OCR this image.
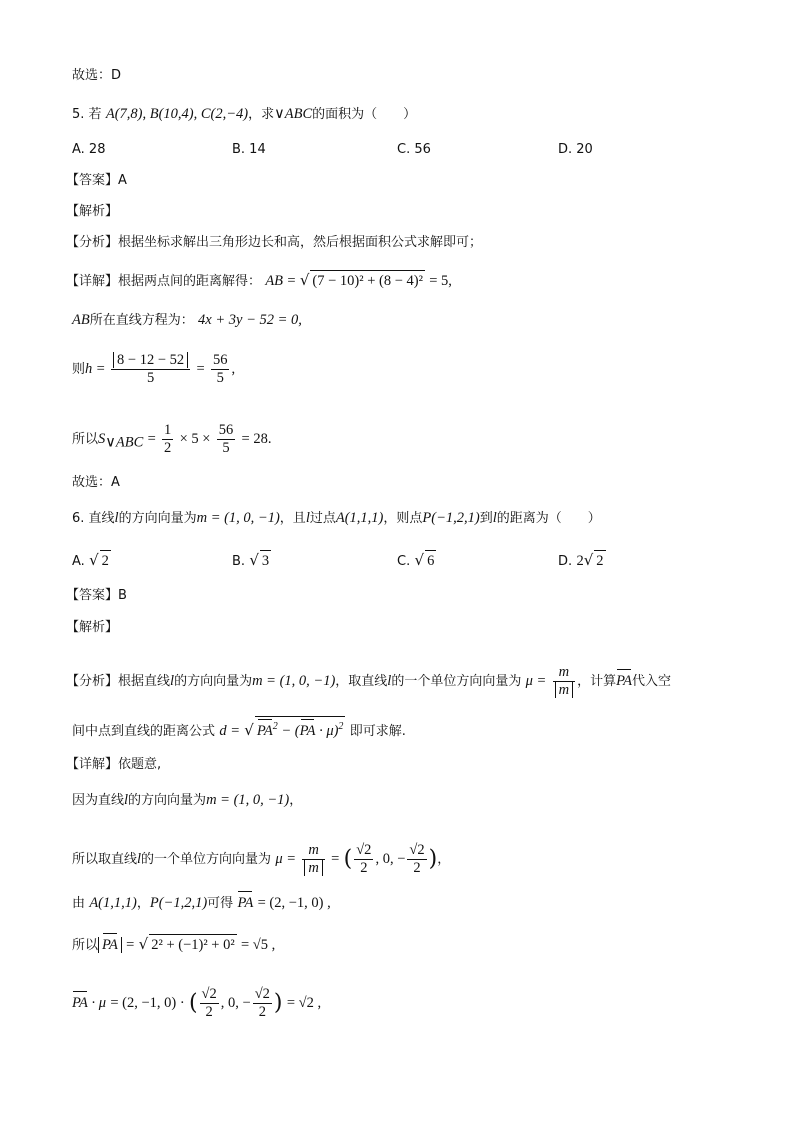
故选：D
5. 若 A(7,8), B(10,4), C(2,−4)，求∨ABC的面积为（　　）
A. 28	B. 14	C. 56	D. 20
【答案】A
【解析】
【分析】根据坐标求解出三角形边长和高，然后根据面积公式求解即可；
【详解】根据两点间的距离解得： AB = √ (7 − 10)² + (8 − 4)² = 5,
AB所在直线方程为： 4x + 3y − 52 = 0,
则$h = \frac{8 - 12 - 52}{5} = \frac{56}{5}$ ,
所以$S_{\vee ABC} = \frac{1}{2} \times 5 \times \frac{56}{5} = 28$.
故选：A
6. 直线l的方向向量为m = (1, 0, −1)，且l过点A(1,1,1)，则点P(−1,2,1)到l的距离为（　　）
A. √ 2	B. √ 3	C. √ 6	D. 2√ 2
【答案】B
【解析】
【分析】根据直线l的方向向量为m = (1, 0, −1)，取直线l的一个单位方向向量为 $\mu = \frac{m}{m}$ ，计算PA代入空
间中点到直线的距离公式 d = √ $PA^2 - (PA \cdot \mu)^2$ 即可求解.
【详解】依题意,
因为直线l的方向向量为m = (1, 0, −1)，
所以取直线l的一个单位方向向量为 $\mu = \frac{m}{m}$ = ( $\frac{√2}{2}$ , 0, − $\frac{√2}{2}$ )，
由 A(1,1,1)，P(−1,2,1)可得 PA = (2, −1, 0) ,
所以 PA = √ 2² + (−1)² + 0² = √5 ,
PA · μ = (2, −1, 0) · ( $\frac{√2}{2}$ , 0, − $\frac{√2}{2}$ ) = √2 ,
